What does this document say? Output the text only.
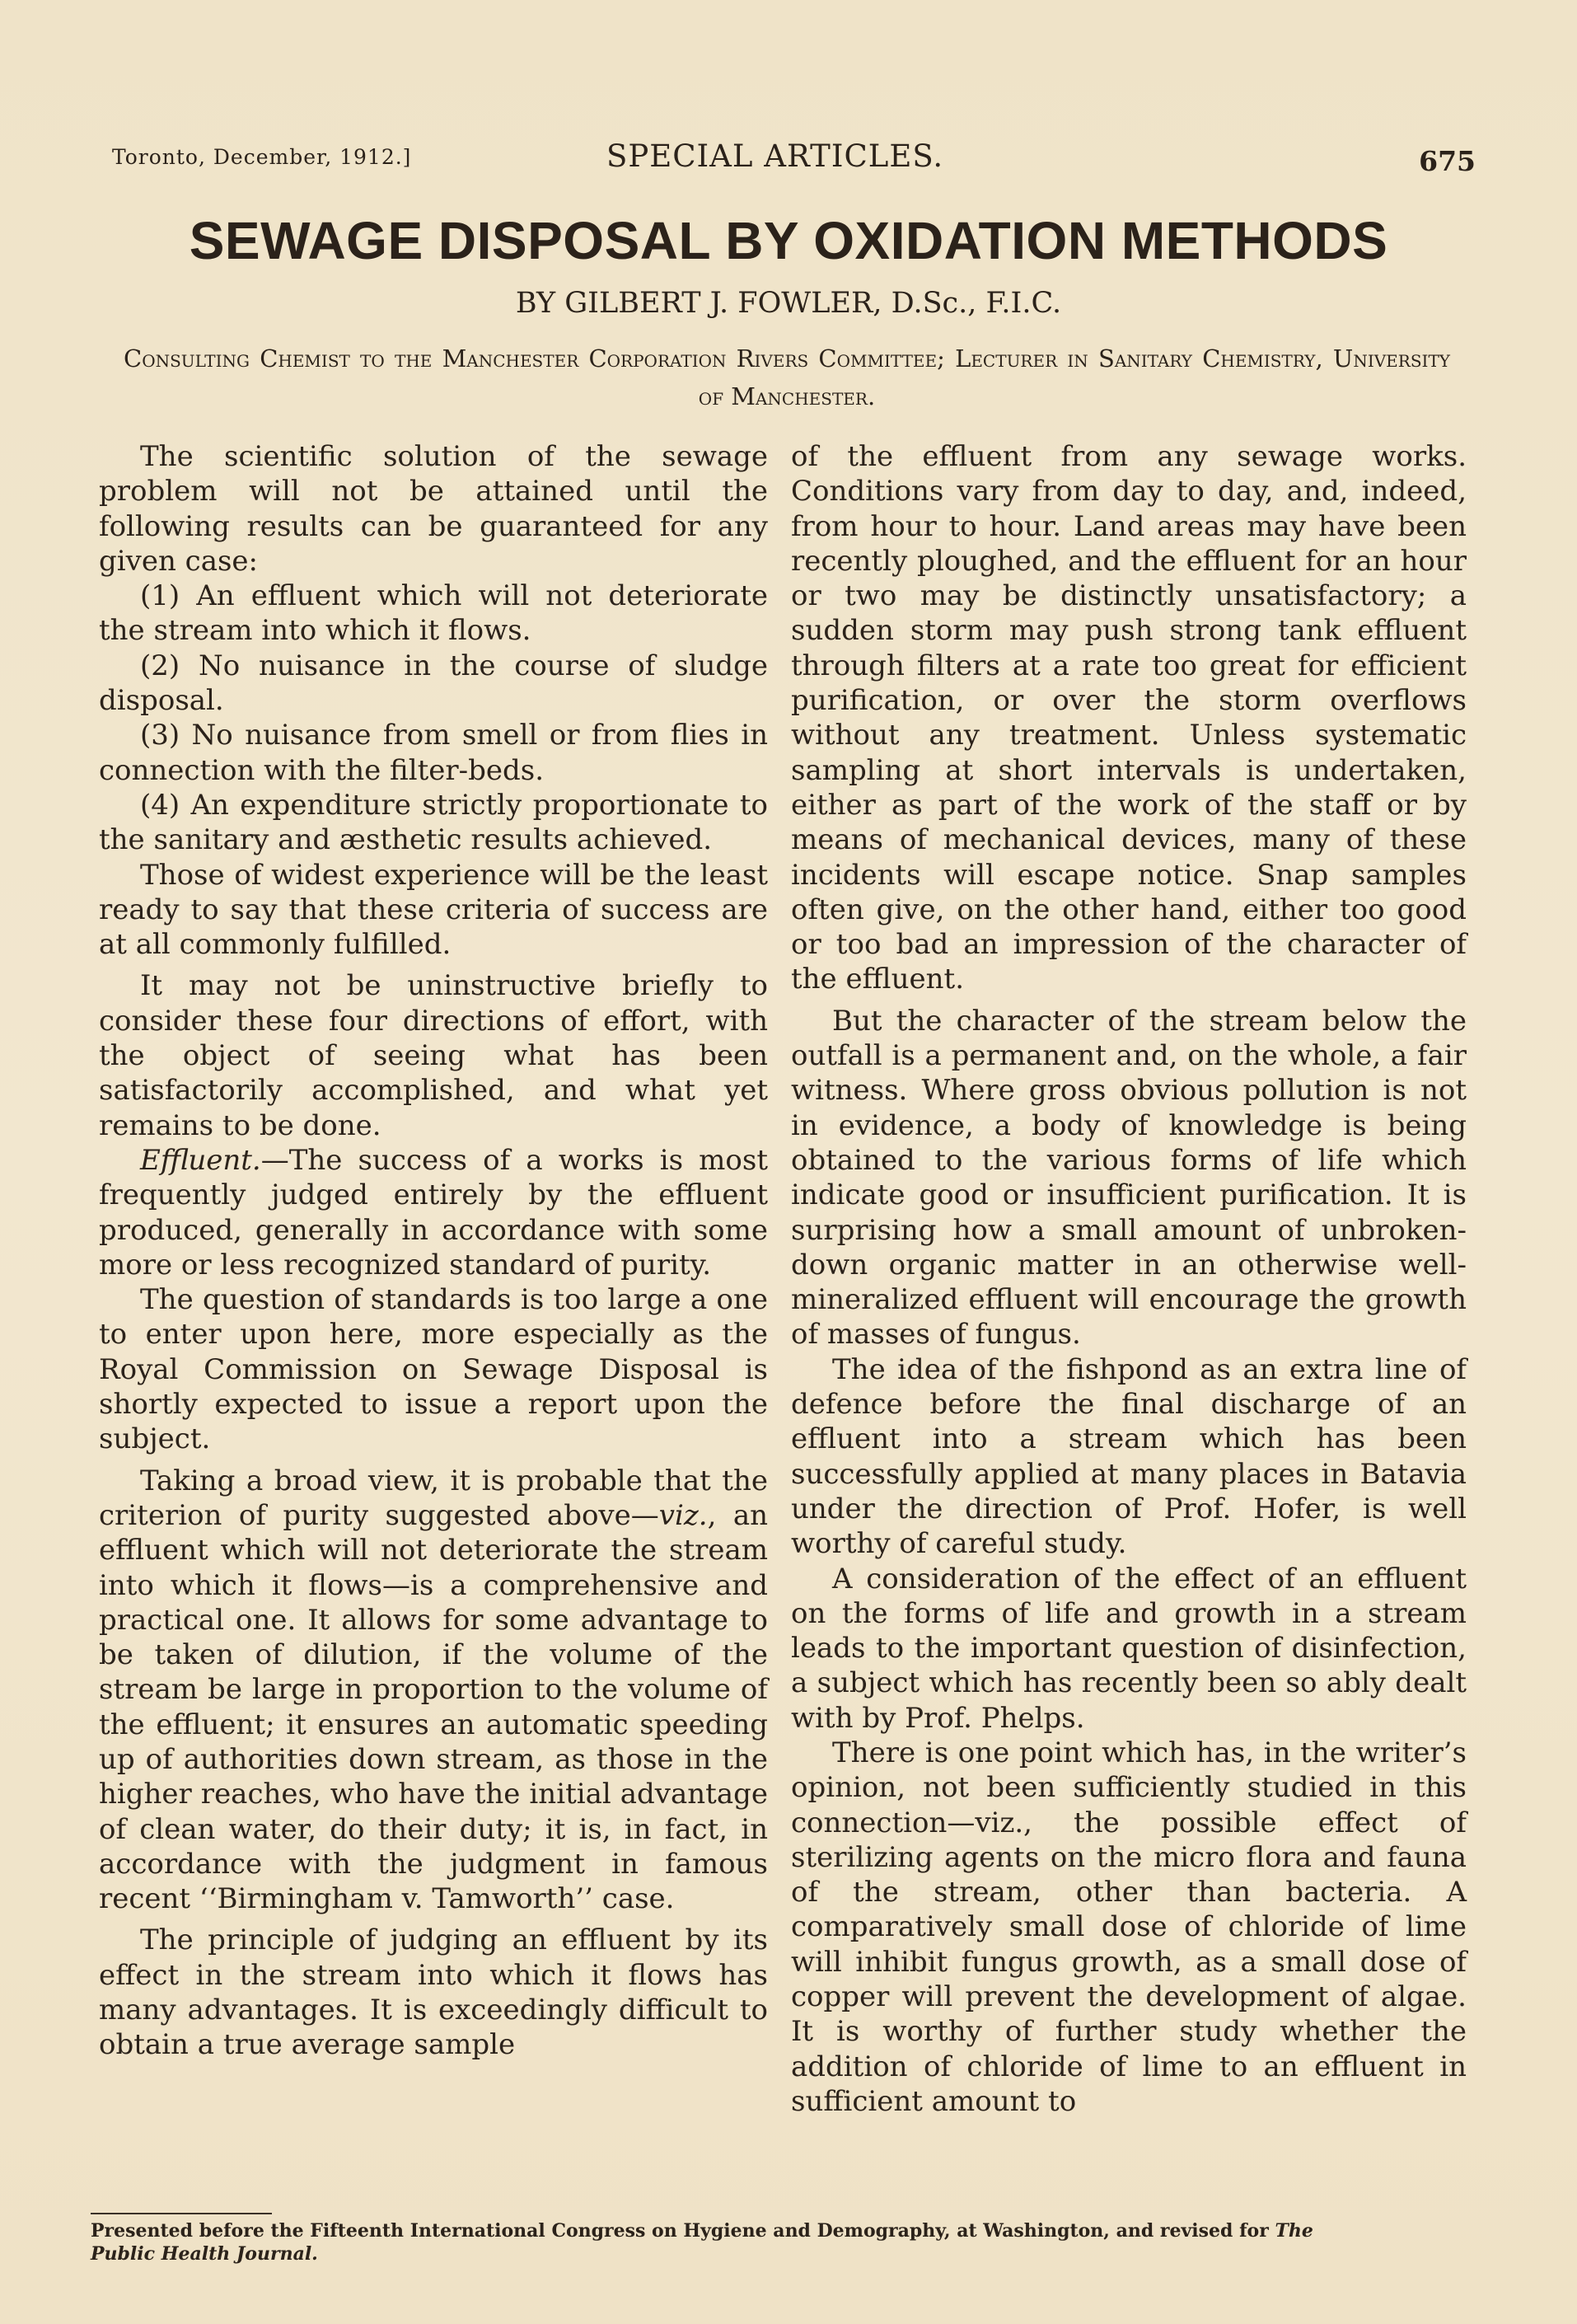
Toronto, December, 1912.]	SPECIAL ARTICLES.	675
SEWAGE DISPOSAL BY OXIDATION METHODS
BY GILBERT J. FOWLER, D.Sc., F.I.C.
Consulting Chemist to the Manchester Corporation Rivers Committee; Lecturer in Sanitary Chemistry, University of Manchester.

The scientific solution of the sewage problem will not be attained until the following results can be guaranteed for any given case:

(1) An effluent which will not deteriorate the stream into which it flows.

(2) No nuisance in the course of sludge disposal.

(3) No nuisance from smell or from flies in connection with the filter-beds.

(4) An expenditure strictly proportionate to the sanitary and æsthetic results achieved.

Those of widest experience will be the least ready to say that these criteria of success are at all commonly fulfilled.

It may not be uninstructive briefly to consider these four directions of effort, with the object of seeing what has been satisfactorily accomplished, and what yet remains to be done.

Effluent.—The success of a works is most frequently judged entirely by the effluent produced, generally in accordance with some more or less recognized standard of purity.

The question of standards is too large a one to enter upon here, more especially as the Royal Commission on Sewage Disposal is shortly expected to issue a report upon the subject.

Taking a broad view, it is probable that the criterion of purity suggested above—viz., an effluent which will not deteriorate the stream into which it flows—is a comprehensive and practical one. It allows for some advantage to be taken of dilution, if the volume of the stream be large in proportion to the volume of the effluent; it ensures an automatic speeding up of authorities down stream, as those in the higher reaches, who have the initial advantage of clean water, do their duty; it is, in fact, in accordance with the judgment in famous recent ‘‘Birmingham v. Tamworth’’ case.

The principle of judging an effluent by its effect in the stream into which it flows has many advantages. It is exceedingly difficult to obtain a true average sample

of the effluent from any sewage works. Conditions vary from day to day, and, indeed, from hour to hour. Land areas may have been recently ploughed, and the effluent for an hour or two may be distinctly unsatisfactory; a sudden storm may push strong tank effluent through filters at a rate too great for efficient purification, or over the storm overflows without any treatment. Unless systematic sampling at short intervals is undertaken, either as part of the work of the staff or by means of mechanical devices, many of these incidents will escape notice. Snap samples often give, on the other hand, either too good or too bad an impression of the character of the effluent.

But the character of the stream below the outfall is a permanent and, on the whole, a fair witness. Where gross obvious pollution is not in evidence, a body of knowledge is being obtained to the various forms of life which indicate good or insufficient purification. It is surprising how a small amount of unbroken-down organic matter in an otherwise well-mineralized effluent will encourage the growth of masses of fungus.

The idea of the fishpond as an extra line of defence before the final discharge of an effluent into a stream which has been successfully applied at many places in Batavia under the direction of Prof. Hofer, is well worthy of careful study.

A consideration of the effect of an effluent on the forms of life and growth in a stream leads to the important question of disinfection, a subject which has recently been so ably dealt with by Prof. Phelps.

There is one point which has, in the writer’s opinion, not been sufficiently studied in this connection—viz., the possible effect of sterilizing agents on the micro flora and fauna of the stream, other than bacteria. A comparatively small dose of chloride of lime will inhibit fungus growth, as a small dose of copper will prevent the development of algae. It is worthy of further study whether the addition of chloride of lime to an effluent in sufficient amount to

Presented before the Fifteenth International Congress on Hygiene and Demography, at Washington, and revised for The
Public Health Journal.
